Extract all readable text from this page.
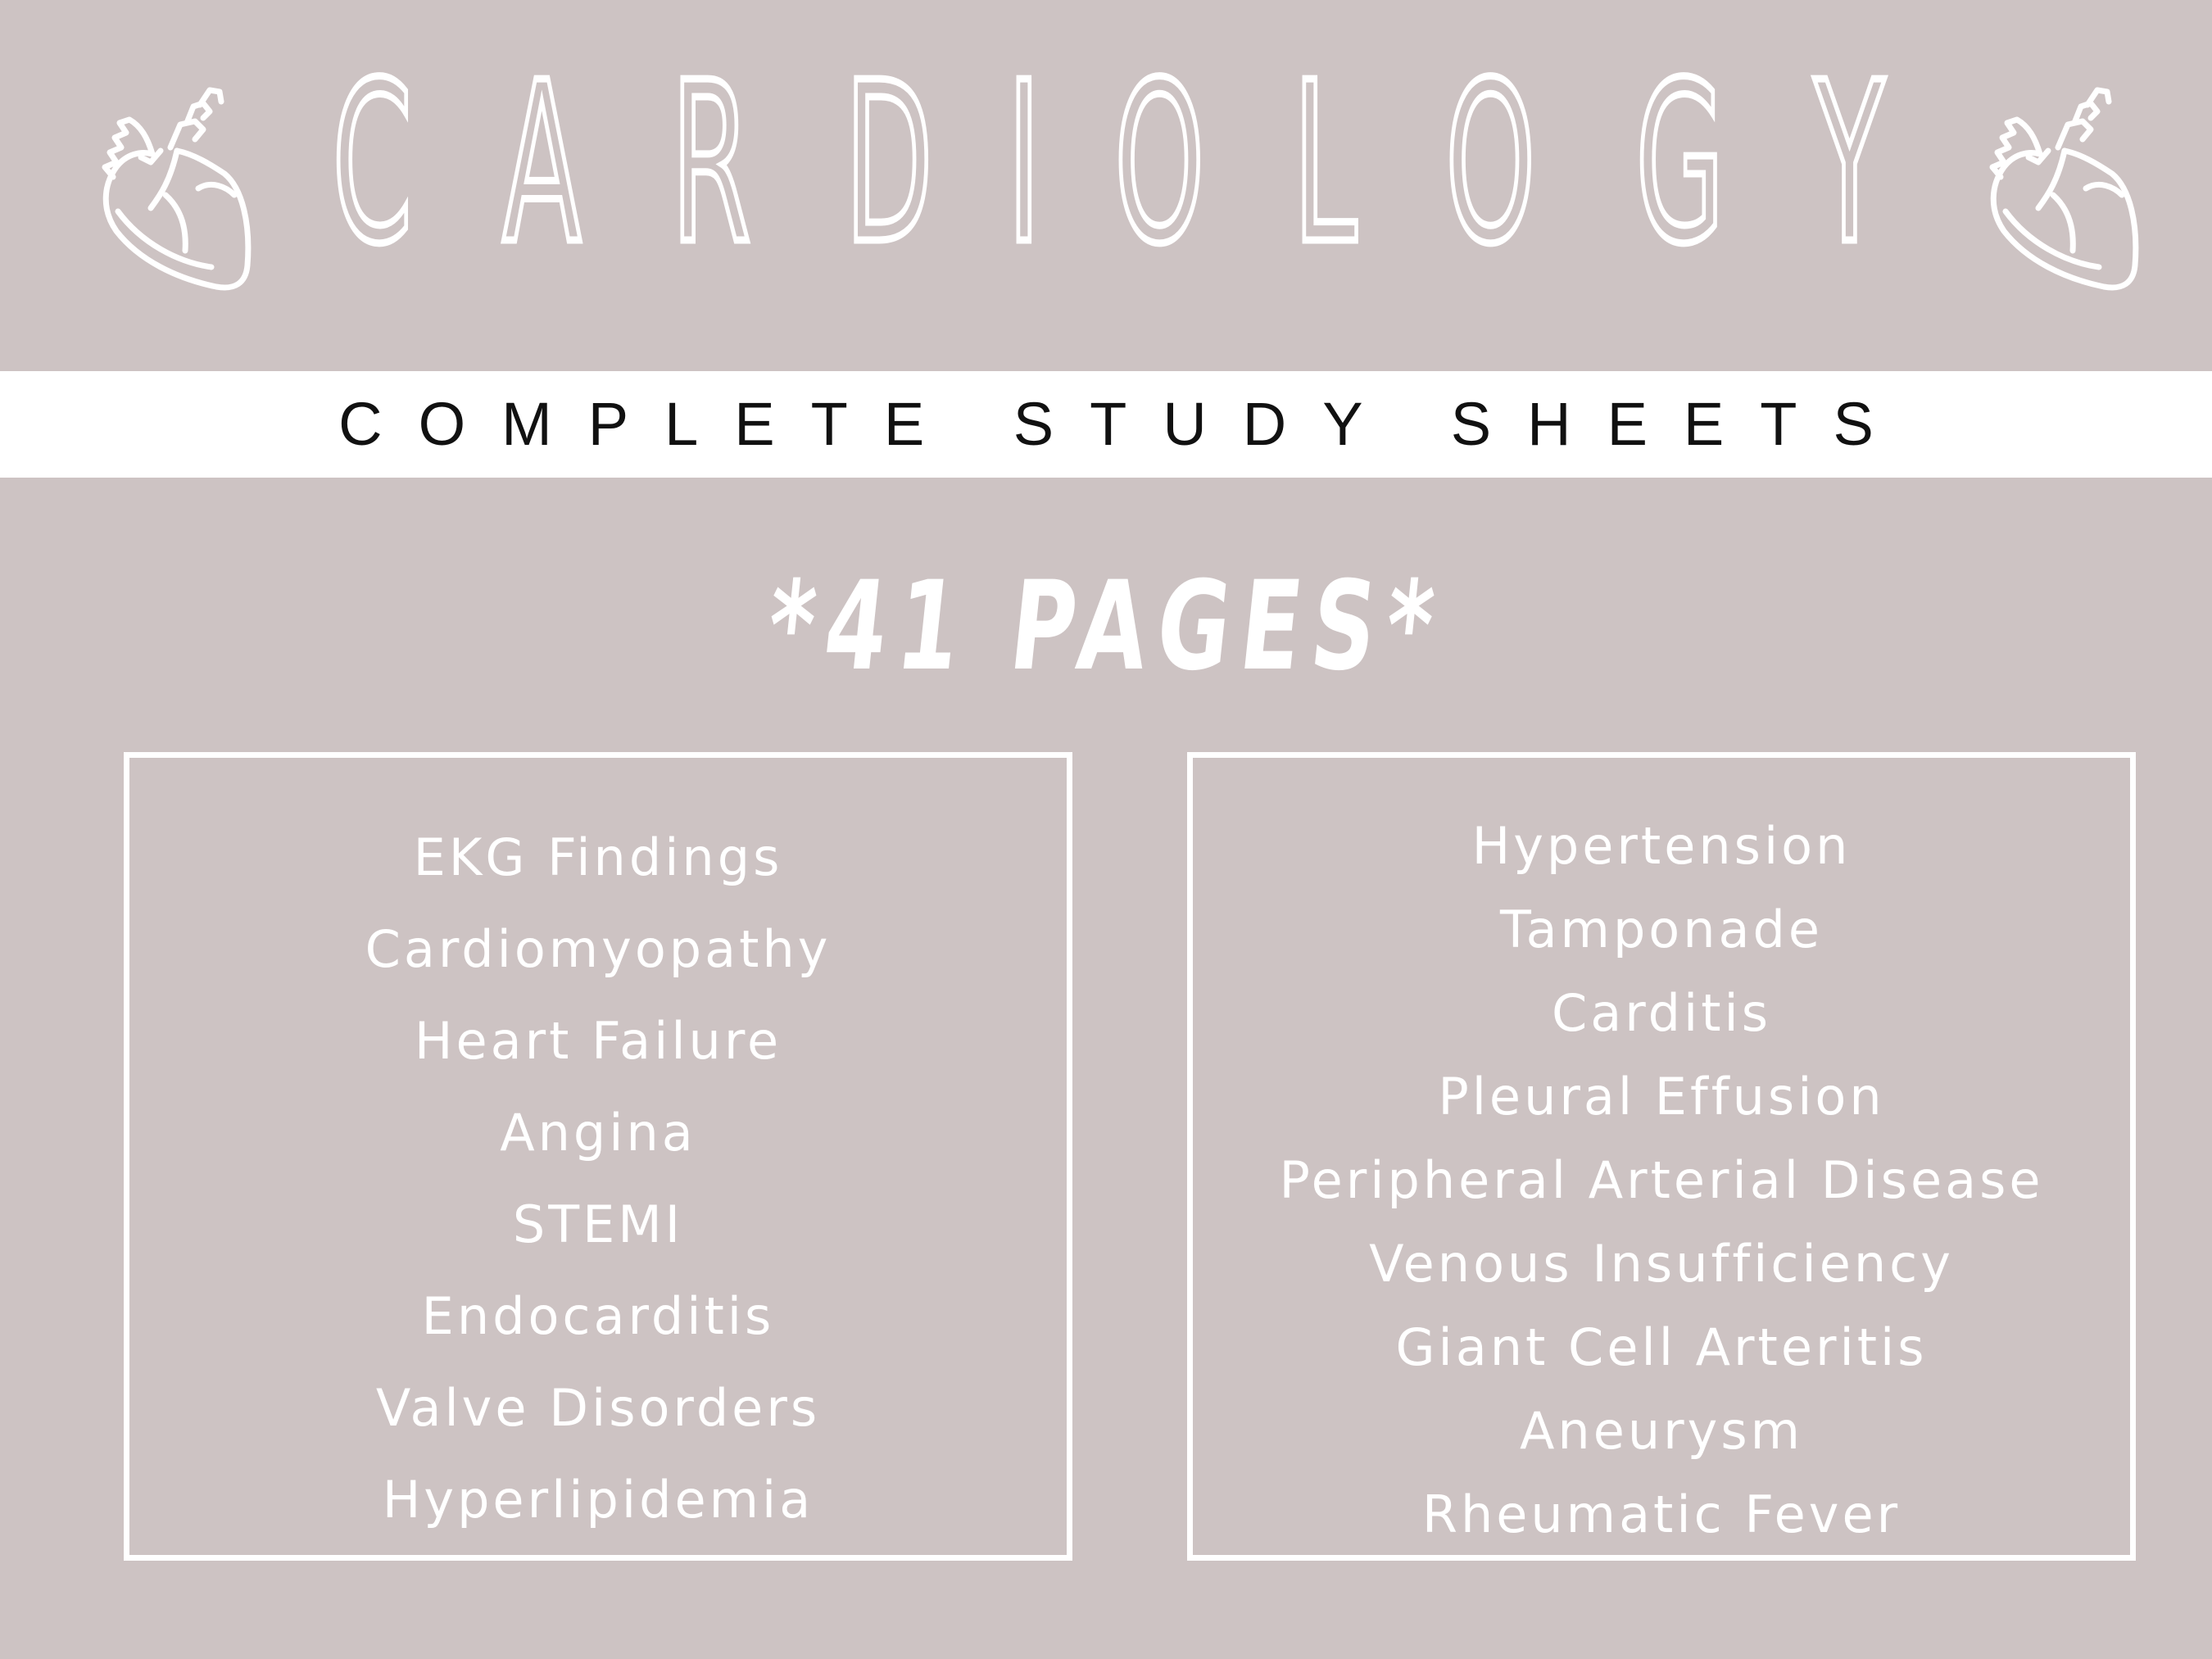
C A R D I O L O G Y
COMPLETE STUDY SHEETS
*41 PAGES*
EKG Findings
Cardiomyopathy
Heart Failure
Angina
STEMI
Endocarditis
Valve Disorders
Hyperlipidemia
Hypertension
Tamponade
Carditis
Pleural Effusion
Peripheral Arterial Disease
Venous Insufficiency
Giant Cell Arteritis
Aneurysm
Rheumatic Fever
